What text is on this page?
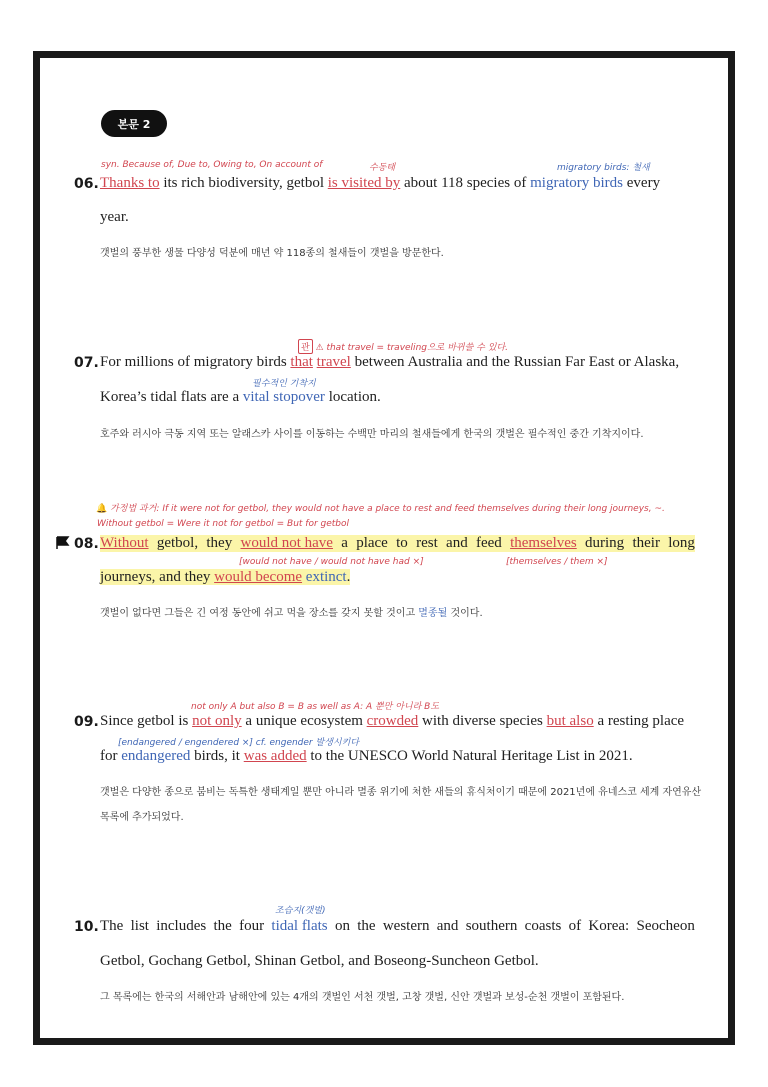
본문 2
syn. Because of, Due to, Owing to, On account of	수동태	migratory birds: 철새
06. Thanks to its rich biodiversity, getbol is visited by about 118 species of migratory birds every
year.
갯벌의 풍부한 생물 다양성 덕분에 매년 약 118종의 철새들이 갯벌을 방문한다.
관 ⚠ that travel = traveling으로 바뀌쓸 수 있다.
07. For millions of migratory birds that travel between Australia and the Russian Far East or Alaska,
필수적인 기착지
Korea’s tidal flats are a vital stopover location.
호주와 러시아 극동 지역 또는 알래스카 사이를 이동하는 수백만 마리의 철새들에게 한국의 갯벌은 필수적인 중간 기착지이다.
🔔 가정법 과거: If it were not for getbol, they would not have a place to rest and feed themselves during their long journeys, ~.
Without getbol = Were it not for getbol = But for getbol
08. Without getbol, they would not have a place to rest and feed themselves during their long
[would not have / would not have had ×]	[themselves / them ×]
journeys, and they would become extinct.
갯벌이 없다면 그들은 긴 여정 동안에 쉬고 먹을 장소를 갖지 못할 것이고 멸종될 것이다.
not only A but also B = B as well as A: A 뿐만 아니라 B도
09. Since getbol is not only a unique ecosystem crowded with diverse species but also a resting place
[endangered / engendered ×] cf. engender 발생시키다
for endangered birds, it was added to the UNESCO World Natural Heritage List in 2021.
갯벌은 다양한 종으로 붐비는 독특한 생태계일 뿐만 아니라 멸종 위기에 처한 새들의 휴식처이기 때문에 2021년에 유네스코 세계 자연유산
목록에 추가되었다.
조습지(갯벌)
10. The list includes the four tidal flats on the western and southern coasts of Korea: Seocheon
Getbol, Gochang Getbol, Shinan Getbol, and Boseong-Suncheon Getbol.
그 목록에는 한국의 서해안과 남해안에 있는 4개의 갯벌인 서천 갯벌, 고창 갯벌, 신안 갯벌과 보성-순천 갯벌이 포함된다.
